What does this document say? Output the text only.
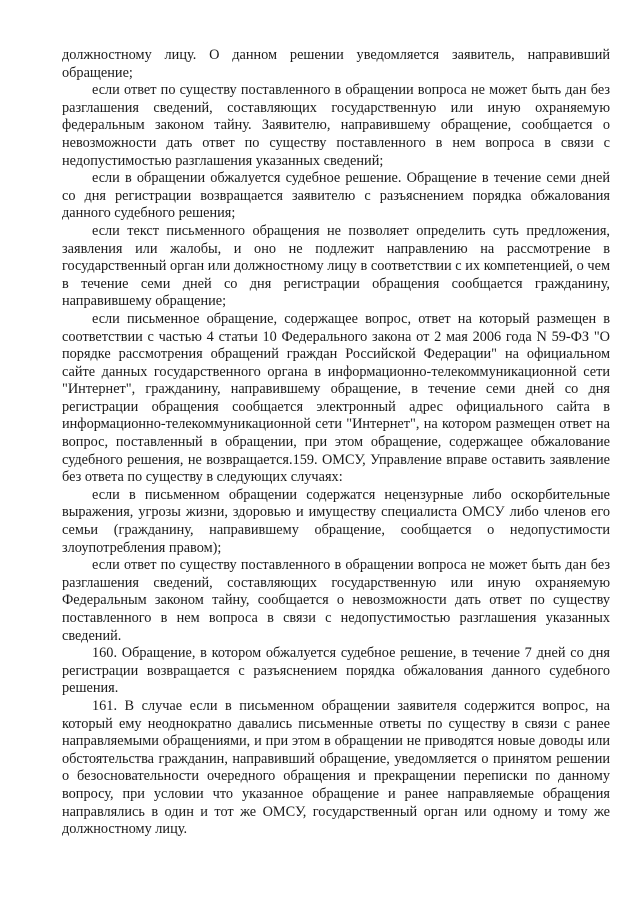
должностному лицу. О данном решении уведомляется заявитель, направивший обращение;

если ответ по существу поставленного в обращении вопроса не может быть дан без разглашения сведений, составляющих государственную или иную охраняемую федеральным законом тайну. Заявителю, направившему обращение, сообщается о невозможности дать ответ по существу поставленного в нем вопроса в связи с недопустимостью разглашения указанных сведений;

если в обращении обжалуется судебное решение. Обращение в течение семи дней со дня регистрации возвращается заявителю с разъяснением порядка обжалования данного судебного решения;

если текст письменного обращения не позволяет определить суть предложения, заявления или жалобы, и оно не подлежит направлению на рассмотрение в государственный орган или должностному лицу в соответствии с их компетенцией, о чем в течение семи дней со дня регистрации обращения сообщается гражданину, направившему обращение;

если письменное обращение, содержащее вопрос, ответ на который размещен в соответствии с частью 4 статьи 10 Федерального закона от 2 мая 2006 года N 59-ФЗ "О порядке рассмотрения обращений граждан Российской Федерации" на официальном сайте данных государственного органа в информационно-телекоммуникационной сети "Интернет", гражданину, направившему обращение, в течение семи дней со дня регистрации обращения сообщается электронный адрес официального сайта в информационно-телекоммуникационной сети "Интернет", на котором размещен ответ на вопрос, поставленный в обращении, при этом обращение, содержащее обжалование судебного решения, не возвращается.159. ОМСУ, Управление вправе оставить заявление без ответа по существу в следующих случаях:

если в письменном обращении содержатся нецензурные либо оскорбительные выражения, угрозы жизни, здоровью и имуществу специалиста ОМСУ либо членов его семьи (гражданину, направившему обращение, сообщается о недопустимости злоупотребления правом);

если ответ по существу поставленного в обращении вопроса не может быть дан без разглашения сведений, составляющих государственную или иную охраняемую Федеральным законом тайну, сообщается о невозможности дать ответ по существу поставленного в нем вопроса в связи с недопустимостью разглашения указанных сведений.

160. Обращение, в котором обжалуется судебное решение, в течение 7 дней со дня регистрации возвращается с разъяснением порядка обжалования данного судебного решения.

161. В случае если в письменном обращении заявителя содержится вопрос, на который ему неоднократно давались письменные ответы по существу в связи с ранее направляемыми обращениями, и при этом в обращении не приводятся новые доводы или обстоятельства гражданин, направивший обращение, уведомляется о принятом решении о безосновательности очередного обращения и прекращении переписки по данному вопросу, при условии что указанное обращение и ранее направляемые обращения направлялись в один и тот же ОМСУ, государственный орган или одному и тому же должностному лицу.
